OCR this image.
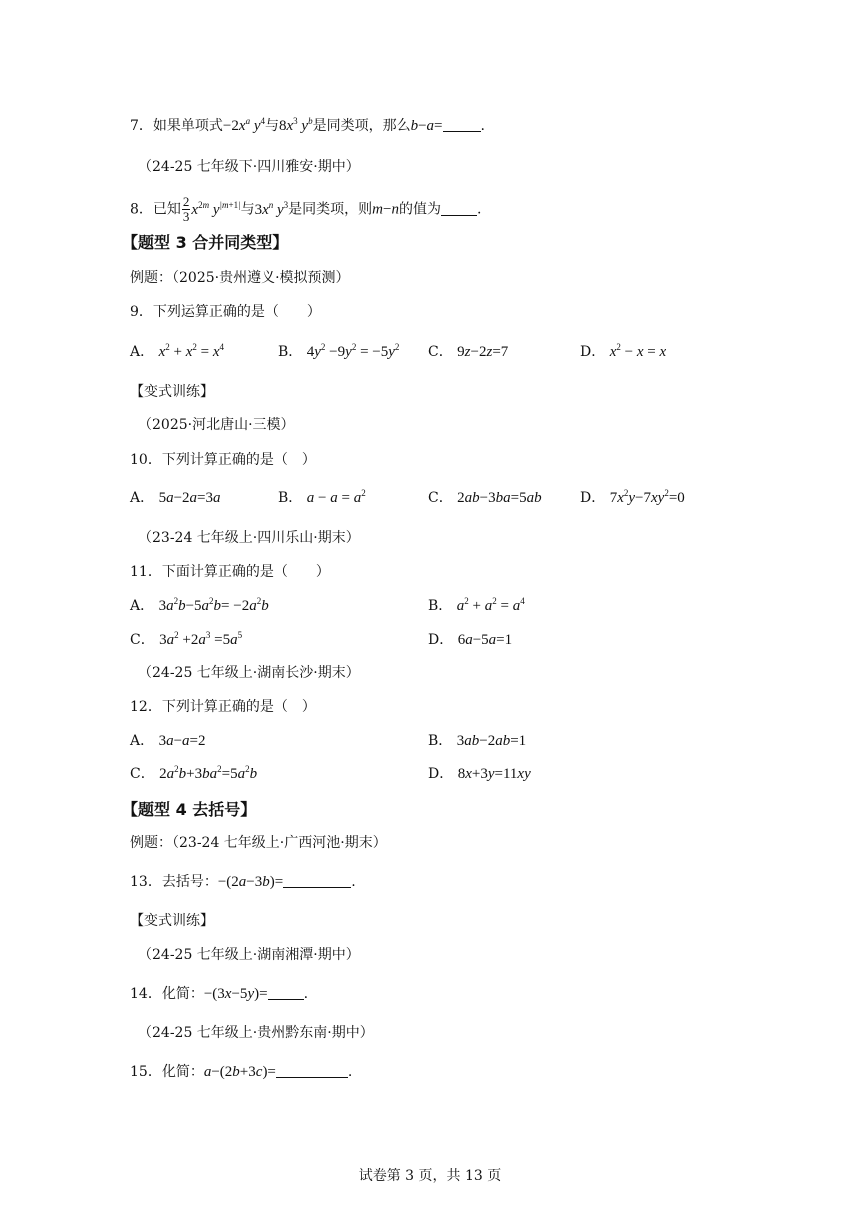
7．如果单项式$-2x^a$ $y^4$与$8x^3$ $y^b$是同类项，那么b−a=	.
（24-25 七年级下·四川雅安·期中）
8．已知 $\frac{2}{3} x^{2m}$ $y^{|m+1|}$与$3x^n$ $y^3$是同类项，则m−n的值为	.
【题型 3 合并同类型】
例题：（2025·贵州遵义·模拟预测）
9．下列运算正确的是（　　）
A． $x^2 + x^2 = x^4$	B． $4y^2 -9y^2 = -5y^2$ C． 9z−2z=7	D． $x^2 - x = x$
【变式训练】
（2025·河北唐山·三模）
10．下列计算正确的是（　）
A． 5a−2a=3a	B． $a - a = a^2$	C． 2ab−3ba=5ab	D． $7x^2y-7xy^2=0$
（23-24 七年级上·四川乐山·期末）
11．下面计算正确的是（　　）
A． $3a^2b-5a^2b= -2a^2b$	B． $a^2 + a^2 = a^4$
C． $3a^2 +2a^3 =5a^5$	D． 6a−5a=1
（24-25 七年级上·湖南长沙·期末）
12．下列计算正确的是（　）
A． 3a−a=2	B． 3ab−2ab=1
C． $2a^2b+3ba^2=5a^2b$	D． 8x+3y=11xy
【题型 4 去括号】
例题：（23-24 七年级上·广西河池·期末）
13．去括号：−(2a−3b)=	.
【变式训练】
（24-25 七年级上·湖南湘潭·期中）
14．化简：−(3x−5y)=	.
（24-25 七年级上·贵州黔东南·期中）
15．化简：a−(2b+3c)=	.
试卷第 3 页，共 13 页
